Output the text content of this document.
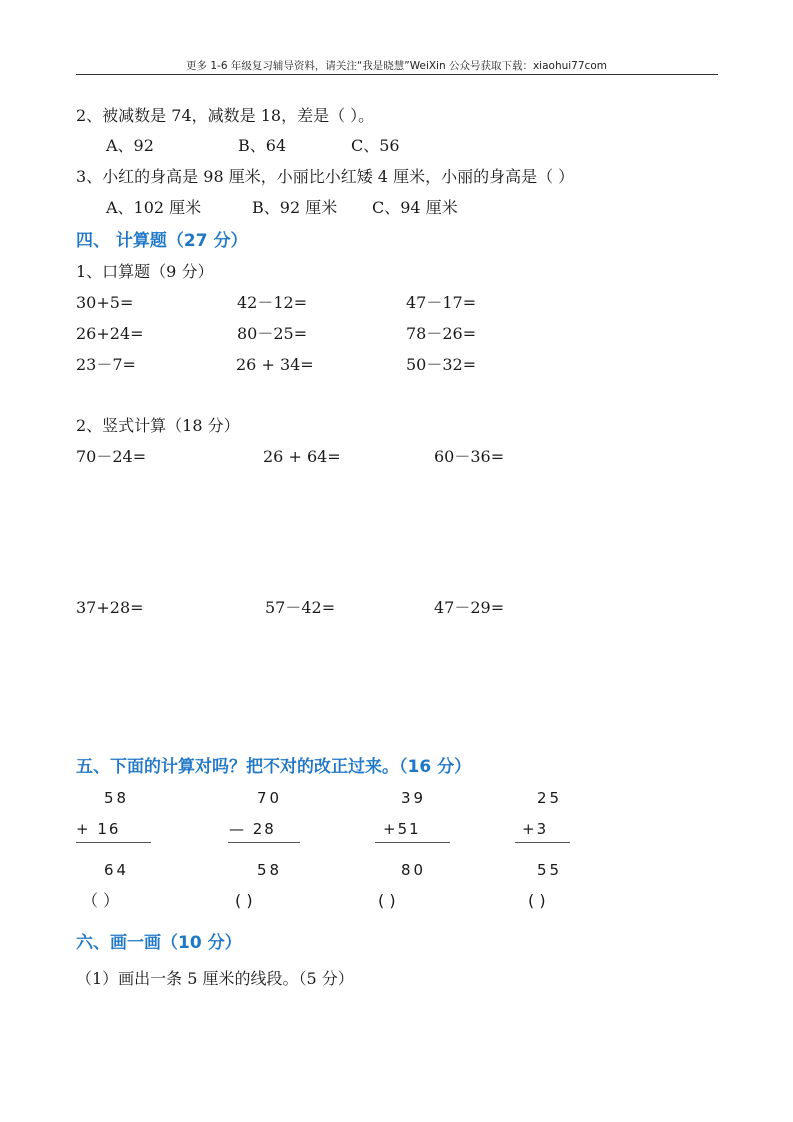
更多 1-6 年级复习辅导资料，请关注“我是晓慧”WeiXin 公众号获取下载：xiaohui77com
2、被减数是 74，减数是 18，差是（ ）。
A、92	B、64	C、56
3、小红的身高是 98 厘米，小丽比小红矮 4 厘米，小丽的身高是（ ）
A、102 厘米	B、92 厘米 C、94 厘米
四、 计算题（27 分）
1、口算题（9 分）
30+5=	42－12=	47－17=
26+24=	80－25=	78－26=
23－7=	26 + 34=	50－32=
2、竖式计算（18 分）
70－24=	26 + 64=	60－36=
37+28=	57－42=	47－29=
五、下面的计算对吗？把不对的改正过来。（16 分）
58
+ 16
64
（ ）
70
— 28
58
( )
39
+51
80
( )
25
+3
55
( )
六、画一画（10 分）
（1）画出一条 5 厘米的线段。（5 分）
